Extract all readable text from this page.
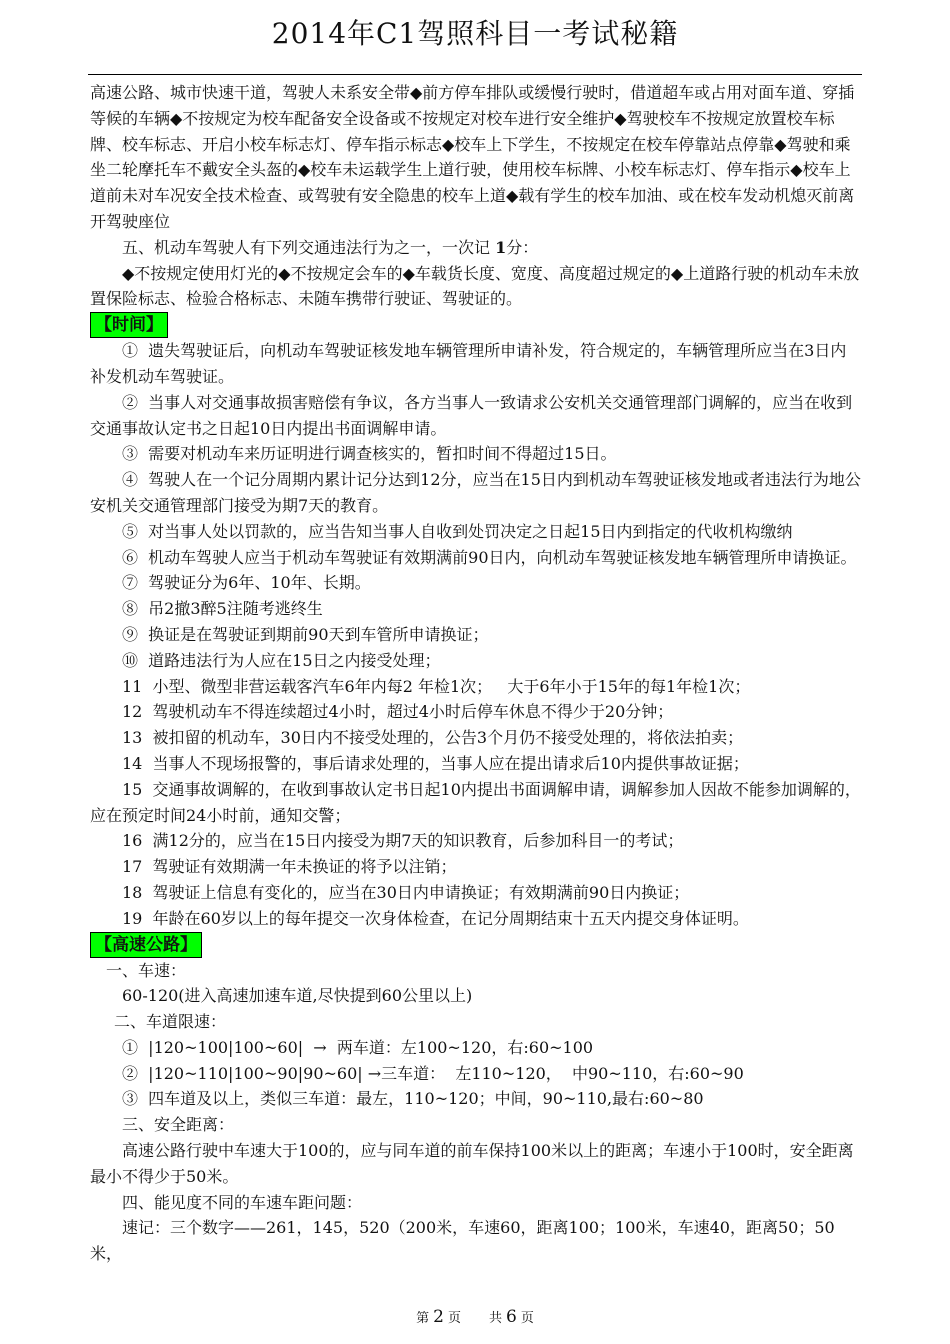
2014年C1驾照科目一考试秘籍

高速公路、城市快速干道，驾驶人未系安全带◆前方停车排队或缓慢行驶时，借道超车或占用对面车道、穿插等候的车辆◆不按规定为校车配备安全设备或不按规定对校车进行安全维护◆驾驶校车不按规定放置校车标牌、校车标志、开启小校车标志灯、停车指示标志◆校车上下学生，不按规定在校车停靠站点停靠◆驾驶和乘坐二轮摩托车不戴安全头盔的◆校车未运载学生上道行驶，使用校车标牌、小校车标志灯、停车指示◆校车上道前未对车况安全技术检查、或驾驶有安全隐患的校车上道◆载有学生的校车加油、或在校车发动机熄灭前离开驾驶座位

五、机动车驾驶人有下列交通违法行为之一，一次记 1分：

◆不按规定使用灯光的◆不按规定会车的◆车载货长度、宽度、高度超过规定的◆上道路行驶的机动车未放置保险标志、检验合格标志、未随车携带行驶证、驾驶证的。

【时间】

①  遗失驾驶证后，向机动车驾驶证核发地车辆管理所申请补发，符合规定的，车辆管理所应当在3日内补发机动车驾驶证。

②  当事人对交通事故损害赔偿有争议，各方当事人一致请求公安机关交通管理部门调解的，应当在收到交通事故认定书之日起10日内提出书面调解申请。

③  需要对机动车来历证明进行调查核实的，暂扣时间不得超过15日。

④  驾驶人在一个记分周期内累计记分达到12分，应当在15日内到机动车驾驶证核发地或者违法行为地公安机关交通管理部门接受为期7天的教育。

⑤  对当事人处以罚款的，应当告知当事人自收到处罚决定之日起15日内到指定的代收机构缴纳

⑥  机动车驾驶人应当于机动车驾驶证有效期满前90日内，向机动车驾驶证核发地车辆管理所申请换证。

⑦  驾驶证分为6年、10年、长期。

⑧  吊2撤3醉5注随考逃终生

⑨  换证是在驾驶证到期前90天到车管所申请换证；

⑩  道路违法行为人应在15日之内接受处理；

11  小型、微型非营运载客汽车6年内每2 年检1次；   大于6年小于15年的每1年检1次；

12  驾驶机动车不得连续超过4小时，超过4小时后停车休息不得少于20分钟；

13  被扣留的机动车，30日内不接受处理的，公告3个月仍不接受处理的，将依法拍卖；

14  当事人不现场报警的，事后请求处理的，当事人应在提出请求后10内提供事故证据；

15  交通事故调解的，在收到事故认定书日起10内提出书面调解申请，调解参加人因故不能参加调解的，应在预定时间24小时前，通知交警；

16  满12分的，应当在15日内接受为期7天的知识教育，后参加科目一的考试；

17  驾驶证有效期满一年未换证的将予以注销；

18  驾驶证上信息有变化的，应当在30日内申请换证；有效期满前90日内换证；

19  年龄在60岁以上的每年提交一次身体检查，在记分周期结束十五天内提交身体证明。

【高速公路】

一、车速：

60-120(进入高速加速车道,尽快提到60公里以上)

二、车道限速：

①  |120~100|100~60|  →  两车道：左100~120，右:60~100

②  |120~110|100~90|90~60| →三车道：  左110~120，  中90~110，右:60~90

③  四车道及以上，类似三车道：最左，110~120；中间，90~110,最右:60~80

三、安全距离：

高速公路行驶中车速大于100的，应与同车道的前车保持100米以上的距离；车速小于100时，安全距离最小不得少于50米。

四、能见度不同的车速车距问题：

速记：三个数字——261，145，520（200米，车速60，距离100；100米，车速40，距离50；50米，

第 2 页 共 6 页
